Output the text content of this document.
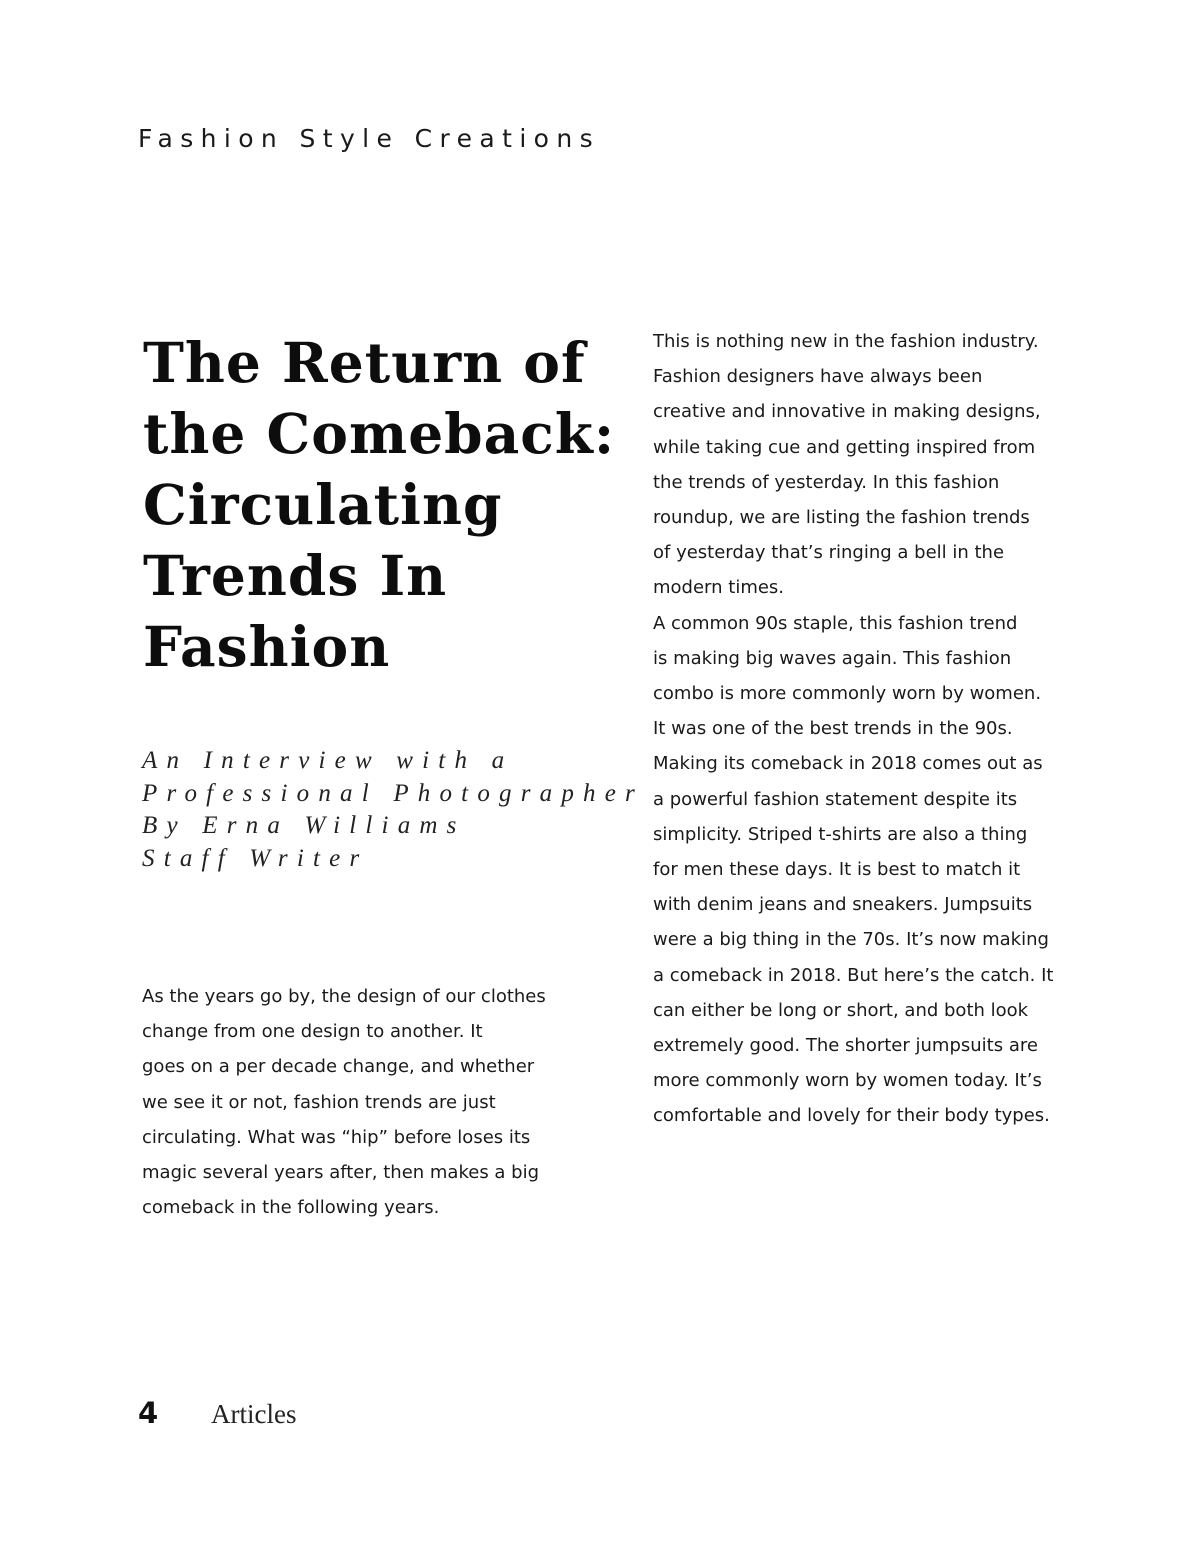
Fashion Style Creations
The Return of
the Comeback:
Circulating
Trends In
Fashion
An Interview with a
Professional Photographer
By Erna Williams
Staff Writer
As the years go by, the design of our clothes
change from one design to another. It
goes on a per decade change, and whether
we see it or not, fashion trends are just
circulating. What was “hip” before loses its
magic several years after, then makes a big
comeback in the following years.
This is nothing new in the fashion industry.
Fashion designers have always been
creative and innovative in making designs,
while taking cue and getting inspired from
the trends of yesterday. In this fashion
roundup, we are listing the fashion trends
of yesterday that’s ringing a bell in the
modern times.
A common 90s staple, this fashion trend
is making big waves again. This fashion
combo is more commonly worn by women.
It was one of the best trends in the 90s.
Making its comeback in 2018 comes out as
a powerful fashion statement despite its
simplicity. Striped t-shirts are also a thing
for men these days. It is best to match it
with denim jeans and sneakers. Jumpsuits
were a big thing in the 70s. It’s now making
a comeback in 2018. But here’s the catch. It
can either be long or short, and both look
extremely good. The shorter jumpsuits are
more commonly worn by women today. It’s
comfortable and lovely for their body types.
4 Articles
